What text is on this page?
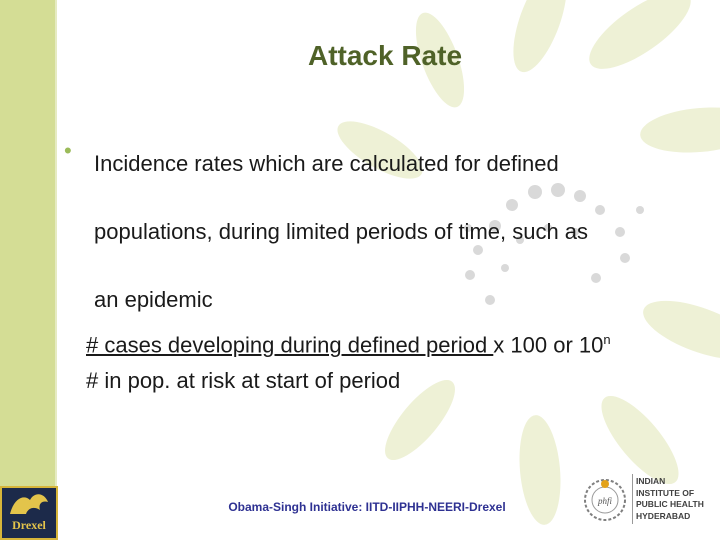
Attack Rate
•
Incidence rates which are calculated for defined
populations, during limited periods of time, such as
an epidemic
# cases developing during defined period x 100 or 10$^n$
# in pop. at risk at start of period
Obama-Singh Initiative: IITD-IIPHH-NEERI-Drexel
Drexel
phfi
INDIAN
INSTITUTE OF
PUBLIC HEALTH
HYDERABAD
